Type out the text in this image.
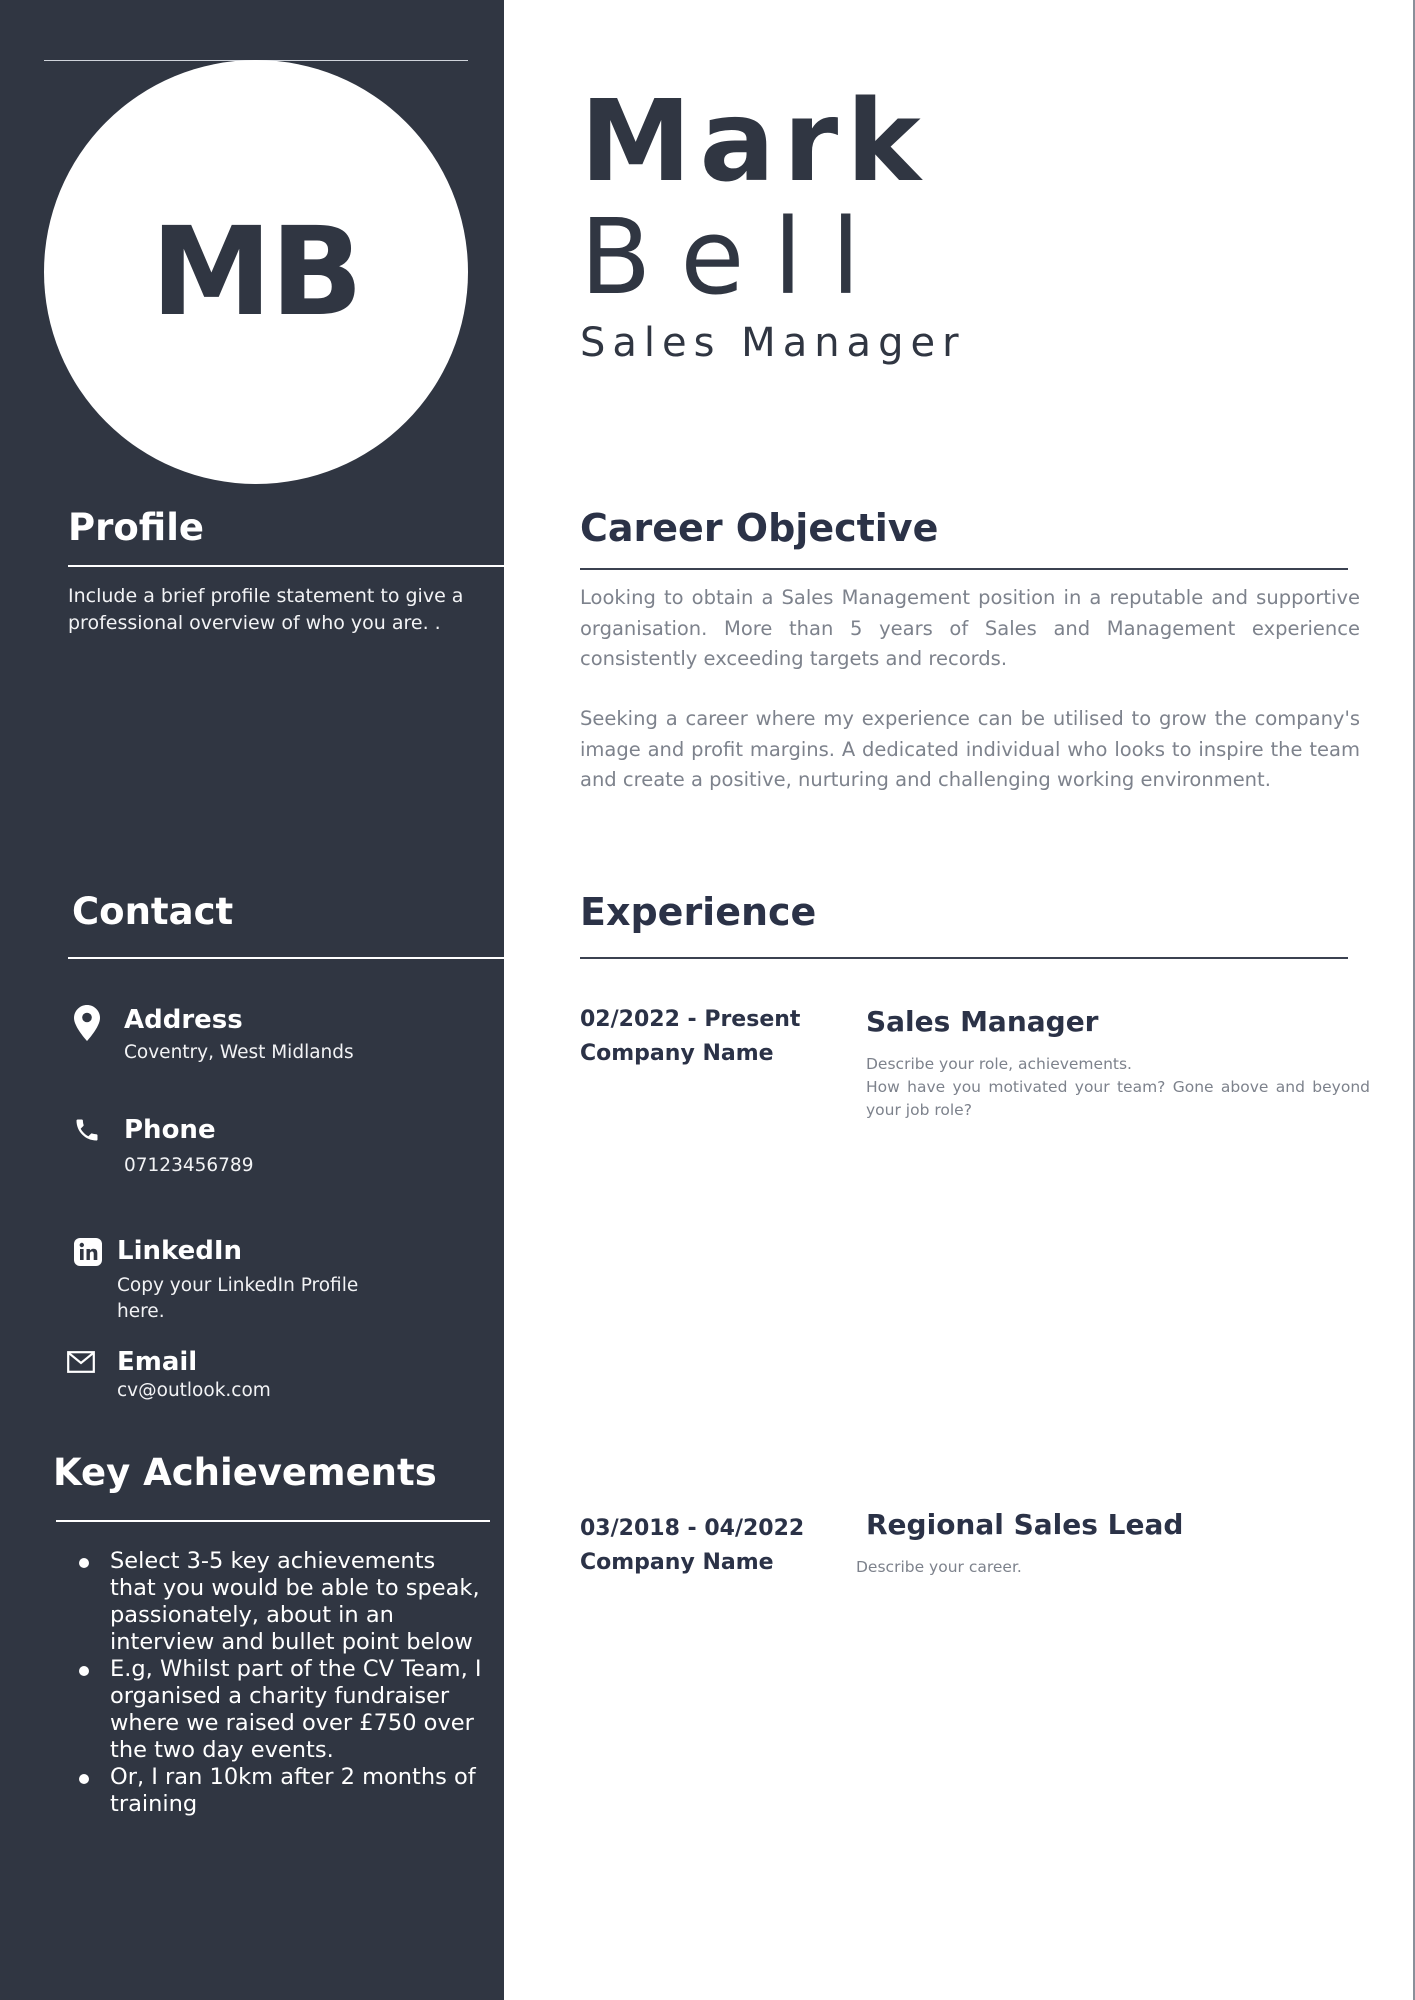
MB
Profile
Include a brief profile statement to give a professional overview of who you are. .
Contact
Address
Coventry, West Midlands
Phone
07123456789
LinkedIn
Copy your LinkedIn Profile here.
Email
cv@outlook.com
Key Achievements
Select 3-5 key achievements that you would be able to speak, passionately, about in an interview and bullet point below
E.g, Whilst part of the CV Team, I organised a charity fundraiser where we raised over £750 over the two day events.
Or, I ran 10km after 2 months of training
Mark
Bell
Sales Manager
Career Objective
Looking to obtain a Sales Management position in a reputable and supportive organisation. More than 5 years of Sales and Management experience consistently exceeding targets and records.
Seeking a career where my experience can be utilised to grow the company's image and profit margins. A dedicated individual who looks to inspire the team and create a positive, nurturing and challenging working environment.
Experience
02/2022 - Present
Company Name
Sales Manager
Describe your role, achievements.
How have you motivated your team? Gone above and beyond your job role?
03/2018 - 04/2022
Company Name
Regional Sales Lead
Describe your career.
